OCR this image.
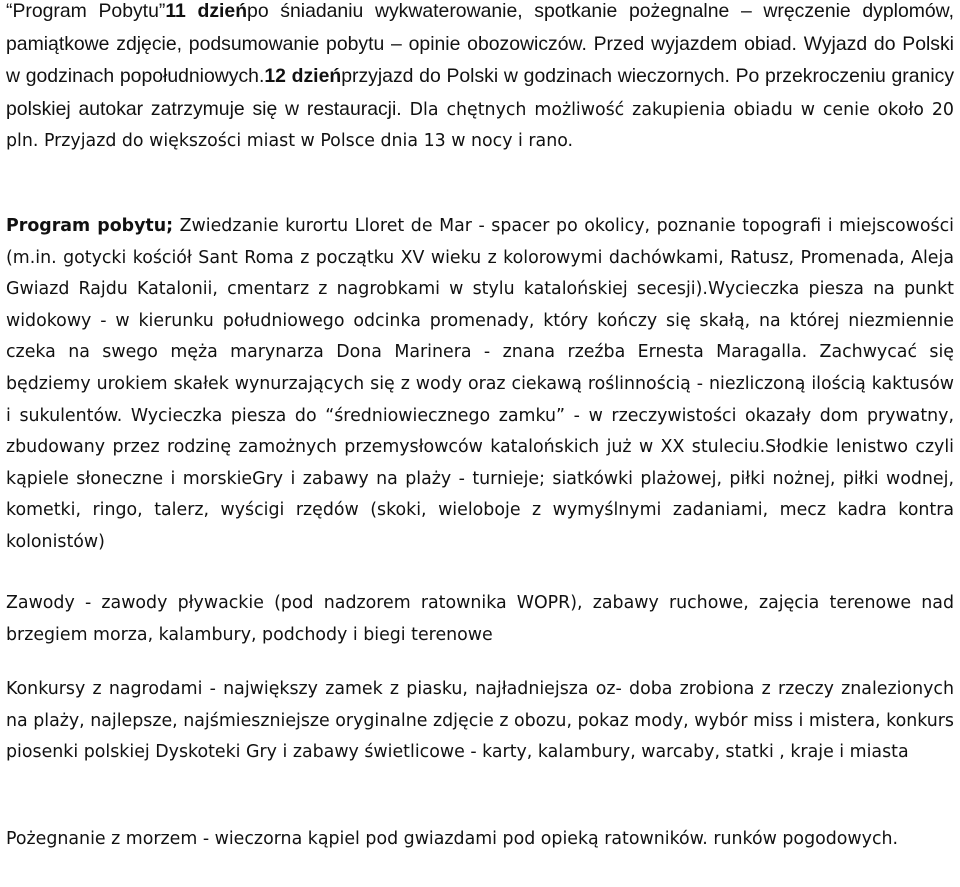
“Program Pobytu”11 dzieńpo śniadaniu wykwaterowanie, spotkanie pożegnalne – wręczenie dyplomów, pamiątkowe zdjęcie, podsumowanie pobytu – opinie obozowiczów. Przed wyjazdem obiad. Wyjazd do Polski w godzinach popołudniowych.12 dzieńprzyjazd do Polski w godzinach wieczornych. Po przekroczeniu granicy polskiej autokar zatrzymuje się w restauracji. Dla chętnych możliwość zakupienia obiadu w cenie około 20 pln. Przyjazd do większości miast w Polsce dnia 13 w nocy i rano.

Program pobytu; Zwiedzanie kurortu Lloret de Mar - spacer po okolicy, poznanie topografi i miejscowości (m.in. gotycki kościół Sant Roma z początku XV wieku z kolorowymi dachówkami, Ratusz, Promenada, Aleja Gwiazd Rajdu Katalonii, cmentarz z nagrobkami w stylu katalońskiej secesji).Wycieczka piesza na punkt widokowy - w kierunku południowego odcinka promenady, który kończy się skałą, na której niezmiennie czeka na swego męża marynarza Dona Marinera - znana rzeźba Ernesta Maragalla. Zachwycać się będziemy urokiem skałek wynurzających się z wody oraz ciekawą roślinnością - niezliczoną ilością kaktusów i sukulentów. Wycieczka piesza do “średniowiecznego zamku” - w rzeczywistości okazały dom prywatny, zbudowany przez rodzinę zamożnych przemysłowców katalońskich już w XX stuleciu.Słodkie lenistwo czyli kąpiele słoneczne i morskieGry i zabawy na plaży - turnieje; siatkówki plażowej, piłki nożnej, piłki wodnej, kometki, ringo, talerz, wyścigi rzędów (skoki, wieloboje z wymyślnymi zadaniami, mecz kadra kontra kolonistów)

Zawody - zawody pływackie (pod nadzorem ratownika WOPR), zabawy ruchowe, zajęcia terenowe nad brzegiem morza, kalambury, podchody i biegi terenowe

Konkursy z nagrodami - największy zamek z piasku, najładniejsza oz- doba zrobiona z rzeczy znalezionych na plaży, najlepsze, najśmieszniejsze oryginalne zdjęcie z obozu, pokaz mody, wybór miss i mistera, konkurs piosenki polskiej Dyskoteki Gry i zabawy świetlicowe - karty, kalambury, warcaby, statki , kraje i miasta

Pożegnanie z morzem - wieczorna kąpiel pod gwiazdami pod opieką ratowników. runków pogodowych.
